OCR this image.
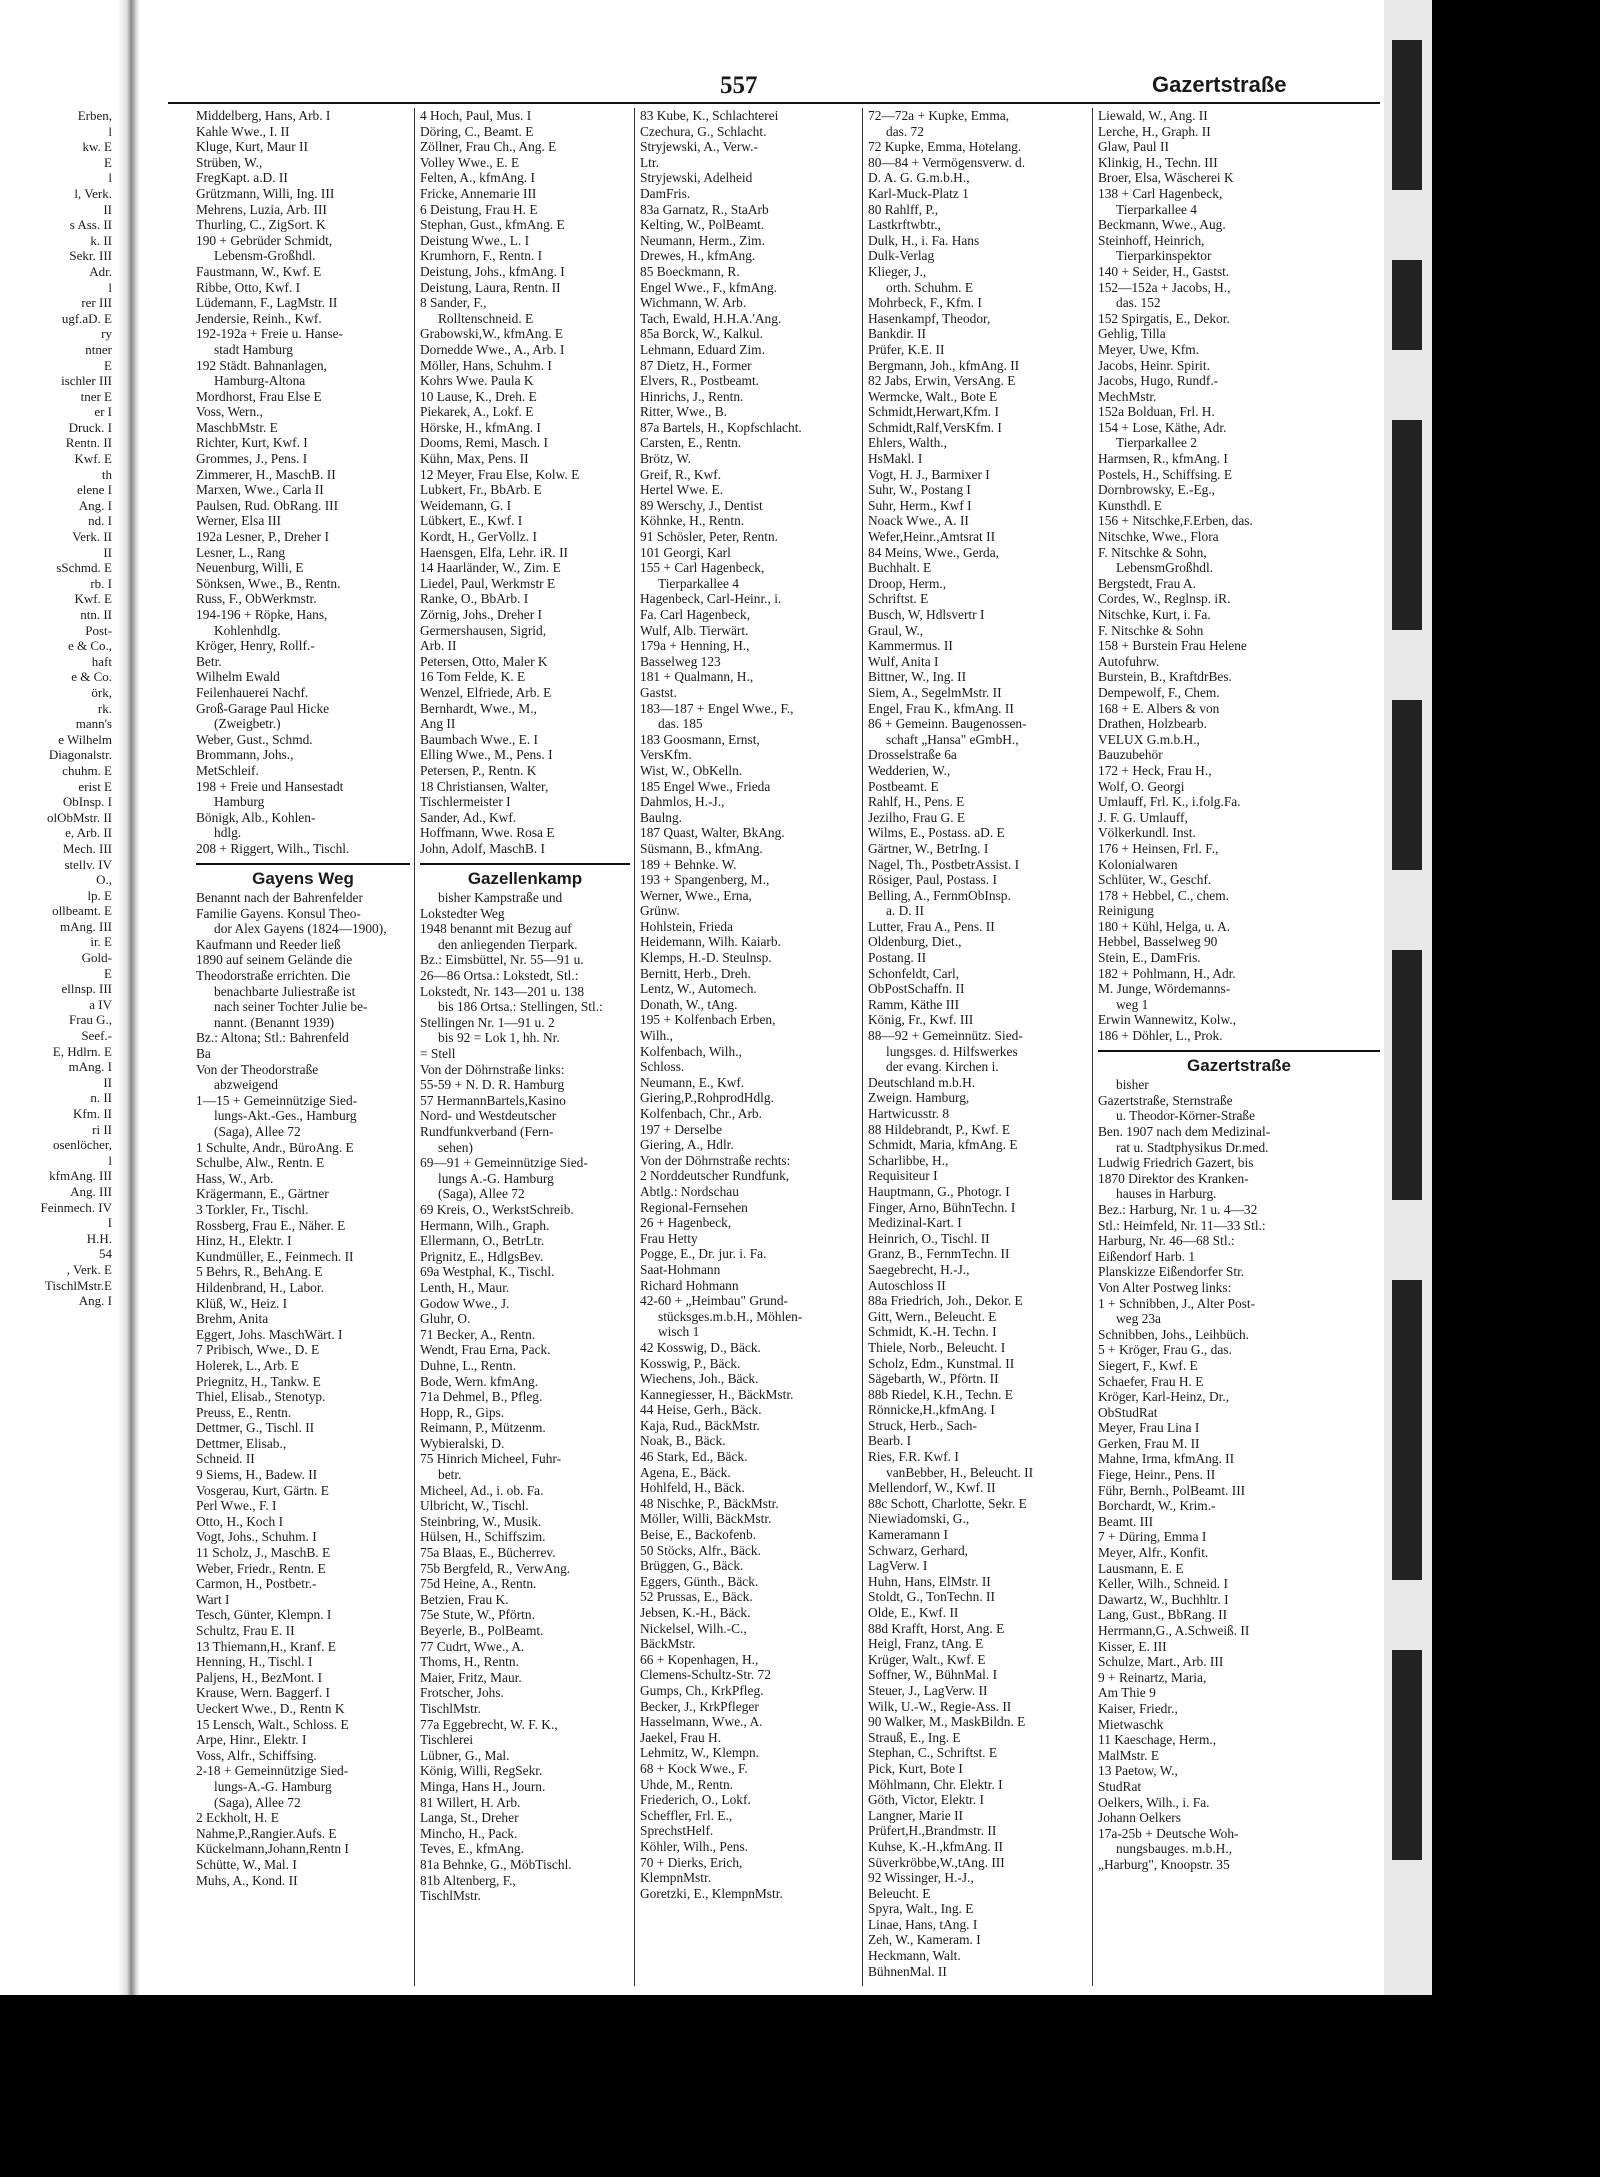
557	Gazertstraße
Erben,
l
kw. E
E
l
l, Verk.
II
s Ass. II
k. II
Sekr. III
Adr.
l
rer III
ugf.aD. E
ry
ntner
E
ischler III
tner E
er I
Druck. I
Rentn. II
Kwf. E
th
elene I
Ang. I
nd. I
Verk. II
II
sSchmd. E
rb. I
Kwf. E
ntn. II
Post-
e & Co.,
haft
e & Co.
örk,
rk.
mann's
e Wilhelm
Diagonalstr.
chuhm. E
erist E
ObInsp. I
olObMstr. II
e, Arb. II
Mech. III
stellv. IV
O.,
lp. E
ollbeamt. E
mAng. III
ir. E
Gold-
E
ellnsp. III
a IV
Frau G.,
Seef.-
E, Hdlrn. E
mAng. I
II
n. II
Kfm. II
ri II
osenlöcher,
l
kfmAng. III
Ang. III
Feinmech. IV
I
H.H.
54
, Verk. E
TischlMstr.E
Ang. I
Middelberg, Hans, Arb. I
Kahle Wwe., I. II
Kluge, Kurt, Maur II
Strüben, W.,
FregKapt. a.D. II
Grützmann, Willi, Ing. III
Mehrens, Luzia, Arb. III
Thurling, C., ZigSort. K
190 + Gebrüder Schmidt,
Lebensm-Großhdl.
Faustmann, W., Kwf. E
Ribbe, Otto, Kwf. I
Lüdemann, F., LagMstr. II
Jendersie, Reinh., Kwf.
192-192a + Freie u. Hanse-
stadt Hamburg
192 Städt. Bahnanlagen,
Hamburg-Altona
Mordhorst, Frau Else E
Voss, Wern.,
MaschbMstr. E
Richter, Kurt, Kwf. I
Grommes, J., Pens. I
Zimmerer, H., MaschB. II
Marxen, Wwe., Carla II
Paulsen, Rud. ObRang. III
Werner, Elsa III
192a Lesner, P., Dreher I
Lesner, L., Rang
Neuenburg, Willi, E
Sönksen, Wwe., B., Rentn.
Russ, F., ObWerkmstr.
194-196 + Röpke, Hans,
Kohlenhdlg.
Kröger, Henry, Rollf.-
Betr.
Wilhelm Ewald
Feilenhauerei Nachf.
Groß-Garage Paul Hicke
(Zweigbetr.)
Weber, Gust., Schmd.
Brommann, Johs.,
MetSchleif.
198 + Freie und Hansestadt
Hamburg
Bönigk, Alb., Kohlen-
hdlg.
208 + Riggert, Wilh., Tischl.
Gayens Weg
Benannt nach der Bahrenfelder
Familie Gayens. Konsul Theo-
dor Alex Gayens (1824—1900),
Kaufmann und Reeder ließ
1890 auf seinem Gelände die
Theodorstraße errichten. Die
benachbarte Juliestraße ist
nach seiner Tochter Julie be-
nannt. (Benannt 1939)
Bz.: Altona; Stl.: Bahrenfeld
Ba
Von der Theodorstraße
abzweigend
1—15 + Gemeinnützige Sied-
lungs-Akt.-Ges., Hamburg
(Saga), Allee 72
1 Schulte, Andr., BüroAng. E
Schulbe, Alw., Rentn. E
Hass, W., Arb.
Krägermann, E., Gärtner
3 Torkler, Fr., Tischl.
Rossberg, Frau E., Näher. E
Hinz, H., Elektr. I
Kundmüller, E., Feinmech. II
5 Behrs, R., BehAng. E
Hildenbrand, H., Labor.
Klüß, W., Heiz. I
Brehm, Anita
Eggert, Johs. MaschWärt. I
7 Pribisch, Wwe., D. E
Holerek, L., Arb. E
Priegnitz, H., Tankw. E
Thiel, Elisab., Stenotyp.
Preuss, E., Rentn.
Dettmer, G., Tischl. II
Dettmer, Elisab.,
Schneid. II
9 Siems, H., Badew. II
Vosgerau, Kurt, Gärtn. E
Perl Wwe., F. I
Otto, H., Koch I
Vogt, Johs., Schuhm. I
11 Scholz, J., MaschB. E
Weber, Friedr., Rentn. E
Carmon, H., Postbetr.-
Wart I
Tesch, Günter, Klempn. I
Schultz, Frau E. II
13 Thiemann,H., Kranf. E
Henning, H., Tischl. I
Paljens, H., BezMont. I
Krause, Wern. Baggerf. I
Ueckert Wwe., D., Rentn K
15 Lensch, Walt., Schloss. E
Arpe, Hinr., Elektr. I
Voss, Alfr., Schiffsing.
2-18 + Gemeinnützige Sied-
lungs-A.-G. Hamburg
(Saga), Allee 72
2 Eckholt, H. E
Nahme,P.,Rangier.Aufs. E
Kückelmann,Johann,Rentn I
Schütte, W., Mal. I
Muhs, A., Kond. II
4 Hoch, Paul, Mus. I
Döring, C., Beamt. E
Zöllner, Frau Ch., Ang. E
Volley Wwe., E. E
Felten, A., kfmAng. I
Fricke, Annemarie III
6 Deistung, Frau H. E
Stephan, Gust., kfmAng. E
Deistung Wwe., L. I
Krumhorn, F., Rentn. I
Deistung, Johs., kfmAng. I
Deistung, Laura, Rentn. II
8 Sander, F.,
Rolltenschneid. E
Grabowski,W., kfmAng. E
Dornedde Wwe., A., Arb. I
Möller, Hans, Schuhm. I
Kohrs Wwe. Paula K
10 Lause, K., Dreh. E
Piekarek, A., Lokf. E
Hörske, H., kfmAng. I
Dooms, Remi, Masch. I
Kühn, Max, Pens. II
12 Meyer, Frau Else, Kolw. E
Lubkert, Fr., BbArb. E
Weidemann, G. I
Lübkert, E., Kwf. I
Kordt, H., GerVollz. I
Haensgen, Elfa, Lehr. iR. II
14 Haarländer, W., Zim. E
Liedel, Paul, Werkmstr E
Ranke, O., BbArb. I
Zörnig, Johs., Dreher I
Germershausen, Sigrid,
Arb. II
Petersen, Otto, Maler K
16 Tom Felde, K. E
Wenzel, Elfriede, Arb. E
Bernhardt, Wwe., M.,
Ang II
Baumbach Wwe., E. I
Elling Wwe., M., Pens. I
Petersen, P., Rentn. K
18 Christiansen, Walter,
Tischlermeister I
Sander, Ad., Kwf.
Hoffmann, Wwe. Rosa E
John, Adolf, MaschB. I
Gazellenkamp
bisher Kampstraße und
Lokstedter Weg
1948 benannt mit Bezug auf
den anliegenden Tierpark.
Bz.: Eimsbüttel, Nr. 55—91 u.
26—86 Ortsa.: Lokstedt, Stl.:
Lokstedt, Nr. 143—201 u. 138
bis 186 Ortsa.: Stellingen, Stl.:
Stellingen Nr. 1—91 u. 2
bis 92 = Lok 1, hh. Nr.
= Stell
Von der Döhrnstraße links:
55-59 + N. D. R. Hamburg
57 HermannBartels,Kasino
Nord- und Westdeutscher
Rundfunkverband (Fern-
sehen)
69—91 + Gemeinnützige Sied-
lungs A.-G. Hamburg
(Saga), Allee 72
69 Kreis, O., WerkstSchreib.
Hermann, Wilh., Graph.
Ellermann, O., BetrLtr.
Prignitz, E., HdlgsBev.
69a Westphal, K., Tischl.
Lenth, H., Maur.
Godow Wwe., J.
Gluhr, O.
71 Becker, A., Rentn.
Wendt, Frau Erna, Pack.
Duhne, L., Rentn.
Bode, Wern. kfmAng.
71a Dehmel, B., Pfleg.
Hopp, R., Gips.
Reimann, P., Mützenm.
Wybieralski, D.
75 Hinrich Micheel, Fuhr-
betr.
Micheel, Ad., i. ob. Fa.
Ulbricht, W., Tischl.
Steinbring, W., Musik.
Hülsen, H., Schiffszim.
75a Blaas, E., Bücherrev.
75b Bergfeld, R., VerwAng.
75d Heine, A., Rentn.
Betzien, Frau K.
75e Stute, W., Pförtn.
Beyerle, B., PolBeamt.
77 Cudrt, Wwe., A.
Thoms, H., Rentn.
Maier, Fritz, Maur.
Frotscher, Johs.
TischlMstr.
77a Eggebrecht, W. F. K.,
Tischlerei
Lübner, G., Mal.
König, Willi, RegSekr.
Minga, Hans H., Journ.
81 Willert, H. Arb.
Langa, St., Dreher
Mincho, H., Pack.
Teves, E., kfmAng.
81a Behnke, G., MöbTischl.
81b Altenberg, F.,
TischlMstr.
83 Kube, K., Schlachterei
Czechura, G., Schlacht.
Stryjewski, A., Verw.-
Ltr.
Stryjewski, Adelheid
DamFris.
83a Garnatz, R., StaArb
Kelting, W., PolBeamt.
Neumann, Herm., Zim.
Drewes, H., kfmAng.
85 Boeckmann, R.
Engel Wwe., F., kfmAng.
Wichmann, W. Arb.
Tach, Ewald, H.H.A.'Ang.
85a Borck, W., Kalkul.
Lehmann, Eduard Zim.
87 Dietz, H., Former
Elvers, R., Postbeamt.
Hinrichs, J., Rentn.
Ritter, Wwe., B.
87a Bartels, H., Kopfschlacht.
Carsten, E., Rentn.
Brötz, W.
Greif, R., Kwf.
Hertel Wwe. E.
89 Werschy, J., Dentist
Köhnke, H., Rentn.
91 Schösler, Peter, Rentn.
101 Georgi, Karl
155 + Carl Hagenbeck,
Tierparkallee 4
Hagenbeck, Carl-Heinr., i.
Fa. Carl Hagenbeck,
Wulf, Alb. Tierwärt.
179a + Henning, H.,
Basselweg 123
181 + Qualmann, H.,
Gastst.
183—187 + Engel Wwe., F.,
das. 185
183 Goosmann, Ernst,
VersKfm.
Wist, W., ObKelln.
185 Engel Wwe., Frieda
Dahmlos, H.-J.,
Baulng.
187 Quast, Walter, BkAng.
Süsmann, B., kfmAng.
189 + Behnke. W.
193 + Spangenberg, M.,
Werner, Wwe., Erna,
Grünw.
Hohlstein, Frieda
Heidemann, Wilh. Kaiarb.
Klemps, H.-D. Steulnsp.
Bernitt, Herb., Dreh.
Lentz, W., Automech.
Donath, W., tAng.
195 + Kolfenbach Erben,
Wilh.,
Kolfenbach, Wilh.,
Schloss.
Neumann, E., Kwf.
Giering,P.,RohprodHdlg.
Kolfenbach, Chr., Arb.
197 + Derselbe
Giering, A., Hdlr.
Von der Döhrnstraße rechts:
2 Norddeutscher Rundfunk,
Abtlg.: Nordschau
Regional-Fernsehen
26 + Hagenbeck,
Frau Hetty
Pogge, E., Dr. jur. i. Fa.
Saat-Hohmann
Richard Hohmann
42-60 + „Heimbau" Grund-
stücksges.m.b.H., Möhlen-
wisch 1
42 Kosswig, D., Bäck.
Kosswig, P., Bäck.
Wiechens, Joh., Bäck.
Kannegiesser, H., BäckMstr.
44 Heise, Gerh., Bäck.
Kaja, Rud., BäckMstr.
Noak, B., Bäck.
46 Stark, Ed., Bäck.
Agena, E., Bäck.
Hohlfeld, H., Bäck.
48 Nischke, P., BäckMstr.
Möller, Willi, BäckMstr.
Beise, E., Backofenb.
50 Stöcks, Alfr., Bäck.
Brüggen, G., Bäck.
Eggers, Günth., Bäck.
52 Prussas, E., Bäck.
Jebsen, K.-H., Bäck.
Nickelsel, Wilh.-C.,
BäckMstr.
66 + Kopenhagen, H.,
Clemens-Schultz-Str. 72
Gumps, Ch., KrkPfleg.
Becker, J., KrkPfleger
Hasselmann, Wwe., A.
Jaekel, Frau H.
Lehmitz, W., Klempn.
68 + Kock Wwe., F.
Uhde, M., Rentn.
Friederich, O., Lokf.
Scheffler, Frl. E.,
SprechstHelf.
Köhler, Wilh., Pens.
70 + Dierks, Erich,
KlempnMstr.
Goretzki, E., KlempnMstr.
72—72a + Kupke, Emma,
das. 72
72 Kupke, Emma, Hotelang.
80—84 + Vermögensverw. d.
D. A. G. G.m.b.H.,
Karl-Muck-Platz 1
80 Rahlff, P.,
Lastkrftwbtr.,
Dulk, H., i. Fa. Hans
Dulk-Verlag
Klieger, J.,
orth. Schuhm. E
Mohrbeck, F., Kfm. I
Hasenkampf, Theodor,
Bankdir. II
Prüfer, K.E. II
Bergmann, Joh., kfmAng. II
82 Jabs, Erwin, VersAng. E
Wermcke, Walt., Bote E
Schmidt,Herwart,Kfm. I
Schmidt,Ralf,VersKfm. I
Ehlers, Walth.,
HsMakl. I
Vogt, H. J., Barmixer I
Suhr, W., Postang I
Suhr, Herm., Kwf I
Noack Wwe., A. II
Wefer,Heinr.,Amtsrat II
84 Meins, Wwe., Gerda,
Buchhalt. E
Droop, Herm.,
Schriftst. E
Busch, W, Hdlsvertr I
Graul, W.,
Kammermus. II
Wulf, Anita I
Bittner, W., Ing. II
Siem, A., SegelmMstr. II
Engel, Frau K., kfmAng. II
86 + Gemeinn. Baugenossen-
schaft „Hansa" eGmbH.,
Drosselstraße 6a
Wedderien, W.,
Postbeamt. E
Rahlf, H., Pens. E
Jezilho, Frau G. E
Wilms, E., Postass. aD. E
Gärtner, W., BetrIng. I
Nagel, Th., PostbetrAssist. I
Rösiger, Paul, Postass. I
Belling, A., FernmObInsp.
a. D. II
Lutter, Frau A., Pens. II
Oldenburg, Diet.,
Postang. II
Schonfeldt, Carl,
ObPostSchaffn. II
Ramm, Käthe III
König, Fr., Kwf. III
88—92 + Gemeinnütz. Sied-
lungsges. d. Hilfswerkes
der evang. Kirchen i.
Deutschland m.b.H.
Zweign. Hamburg,
Hartwicusstr. 8
88 Hildebrandt, P., Kwf. E
Schmidt, Maria, kfmAng. E
Scharlibbe, H.,
Requisiteur I
Hauptmann, G., Photogr. I
Finger, Arno, BühnTechn. I
Medizinal-Kart. I
Heinrich, O., Tischl. II
Granz, B., FernmTechn. II
Saegebrecht, H.-J.,
Autoschloss II
88a Friedrich, Joh., Dekor. E
Gitt, Wern., Beleucht. E
Schmidt, K.-H. Techn. I
Thiele, Norb., Beleucht. I
Scholz, Edm., Kunstmal. II
Sägebarth, W., Pförtn. II
88b Riedel, K.H., Techn. E
Rönnicke,H.,kfmAng. I
Struck, Herb., Sach-
Bearb. I
Ries, F.R. Kwf. I
vanBebber, H., Beleucht. II
Mellendorf, W., Kwf. II
88c Schott, Charlotte, Sekr. E
Niewiadomski, G.,
Kameramann I
Schwarz, Gerhard,
LagVerw. I
Huhn, Hans, ElMstr. II
Stoldt, G., TonTechn. II
Olde, E., Kwf. II
88d Krafft, Horst, Ang. E
Heigl, Franz, tAng. E
Krüger, Walt., Kwf. E
Soffner, W., BühnMal. I
Steuer, J., LagVerw. II
Wilk, U.-W., Regie-Ass. II
90 Walker, M., MaskBildn. E
Strauß, E., Ing. E
Stephan, C., Schriftst. E
Pick, Kurt, Bote I
Möhlmann, Chr. Elektr. I
Göth, Victor, Elektr. I
Langner, Marie II
Prüfert,H.,Brandmstr. II
Kuhse, K.-H.,kfmAng. II
Süverkröbbe,W.,tAng. III
92 Wissinger, H.-J.,
Beleucht. E
Spyra, Walt., Ing. E
Linae, Hans, tAng. I
Zeh, W., Kameram. I
Heckmann, Walt.
BühnenMal. II
Liewald, W., Ang. II
Lerche, H., Graph. II
Glaw, Paul II
Klinkig, H., Techn. III
Broer, Elsa, Wäscherei K
138 + Carl Hagenbeck,
Tierparkallee 4
Beckmann, Wwe., Aug.
Steinhoff, Heinrich,
Tierparkinspektor
140 + Seider, H., Gastst.
152—152a + Jacobs, H.,
das. 152
152 Spirgatis, E., Dekor.
Gehlig, Tilla
Meyer, Uwe, Kfm.
Jacobs, Heinr. Spirit.
Jacobs, Hugo, Rundf.-
MechMstr.
152a Bolduan, Frl. H.
154 + Lose, Käthe, Adr.
Tierparkallee 2
Harmsen, R., kfmAng. I
Postels, H., Schiffsing. E
Dornbrowsky, E.-Eg.,
Kunsthdl. E
156 + Nitschke,F.Erben, das.
Nitschke, Wwe., Flora
F. Nitschke & Sohn,
LebensmGroßhdl.
Bergstedt, Frau A.
Cordes, W., Reglnsp. iR.
Nitschke, Kurt, i. Fa.
F. Nitschke & Sohn
158 + Burstein Frau Helene
Autofuhrw.
Burstein, B., KraftdrBes.
Dempewolf, F., Chem.
168 + E. Albers & von
Drathen, Holzbearb.
VELUX G.m.b.H.,
Bauzubehör
172 + Heck, Frau H.,
Wolf, O. Georgi
Umlauff, Frl. K., i.folg.Fa.
J. F. G. Umlauff,
Völkerkundl. Inst.
176 + Heinsen, Frl. F.,
Kolonialwaren
Schlüter, W., Geschf.
178 + Hebbel, C., chem.
Reinigung
180 + Kühl, Helga, u. A.
Hebbel, Basselweg 90
Stein, E., DamFris.
182 + Pohlmann, H., Adr.
M. Junge, Wördemanns-
weg 1
Erwin Wannewitz, Kolw.,
186 + Döhler, L., Prok.
Gazertstraße
bisher
Gazertstraße, Sternstraße
u. Theodor-Körner-Straße
Ben. 1907 nach dem Medizinal-
rat u. Stadtphysikus Dr.med.
Ludwig Friedrich Gazert, bis
1870 Direktor des Kranken-
hauses in Harburg.
Bez.: Harburg, Nr. 1 u. 4—32
Stl.: Heimfeld, Nr. 11—33 Stl.:
Harburg, Nr. 46—68 Stl.:
Eißendorf Harb. 1
Planskizze Eißendorfer Str.
Von Alter Postweg links:
1 + Schnibben, J., Alter Post-
weg 23a
Schnibben, Johs., Leihbüch.
5 + Kröger, Frau G., das.
Siegert, F., Kwf. E
Schaefer, Frau H. E
Kröger, Karl-Heinz, Dr.,
ObStudRat
Meyer, Frau Lina I
Gerken, Frau M. II
Mahne, Irma, kfmAng. II
Fiege, Heinr., Pens. II
Führ, Bernh., PolBeamt. III
Borchardt, W., Krim.-
Beamt. III
7 + Düring, Emma I
Meyer, Alfr., Konfit.
Lausmann, E. E
Keller, Wilh., Schneid. I
Dawartz, W., Buchhltr. I
Lang, Gust., BbRang. II
Herrmann,G., A.Schweiß. II
Kisser, E. III
Schulze, Mart., Arb. III
9 + Reinartz, Maria,
Am Thie 9
Kaiser, Friedr.,
Mietwaschk
11 Kaeschage, Herm.,
MalMstr. E
13 Paetow, W.,
StudRat
Oelkers, Wilh., i. Fa.
Johann Oelkers
17a-25b + Deutsche Woh-
nungsbauges. m.b.H.,
„Harburg", Knoopstr. 35
